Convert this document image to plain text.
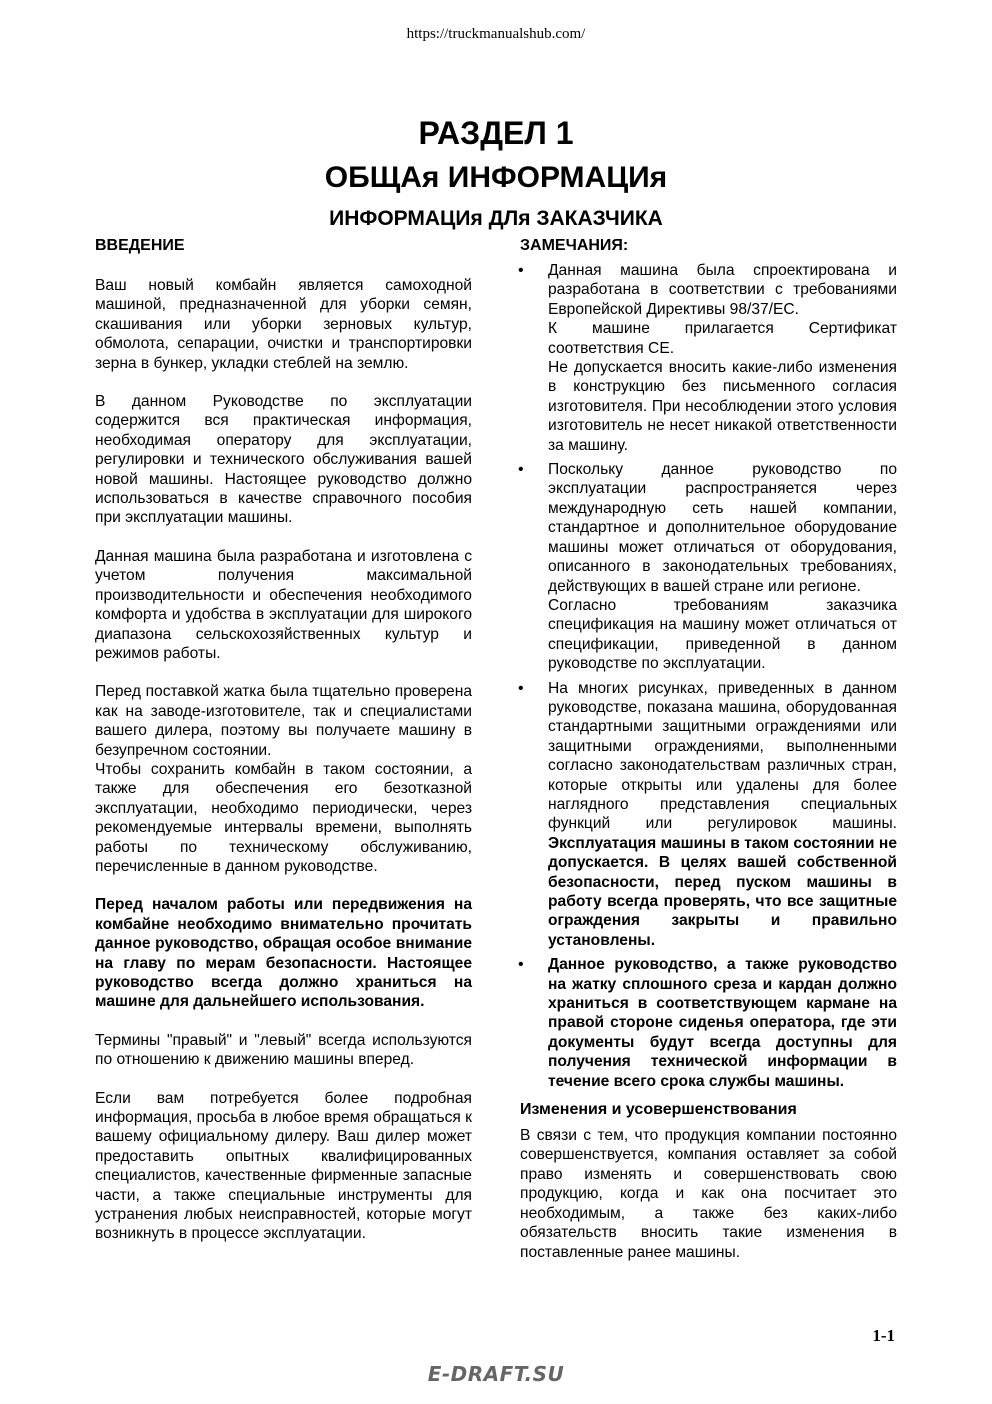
https://truckmanualshub.com/
РАЗДЕЛ 1
ОБЩАя ИНФОРМАЦИя
ИНФОРМАЦИя ДЛя ЗАКАЗЧИКА
ВВЕДЕНИЕ

Ваш новый комбайн является самоходной машиной, предназначенной для уборки семян, скашивания или уборки зерновых культур, обмолота, сепарации, очистки и транспортировки зерна в бункер, укладки стеблей на землю.

В данном Руководстве по эксплуатации содержится вся практическая информация, необходимая оператору для эксплуатации, регулировки и технического обслуживания вашей новой машины. Настоящее руководство должно использоваться в качестве справочного пособия при эксплуатации машины.

Данная машина была разработана и изготовлена с учетом получения максимальной производительности и обеспечения необходимого комфорта и удобства в эксплуатации для широкого диапазона сельскохозяйственных культур и режимов работы.

Перед поставкой жатка была тщательно проверена как на заводе-изготовителе, так и специалистами вашего дилера, поэтому вы получаете машину в безупречном состоянии.

Чтобы сохранить комбайн в таком состоянии, а также для обеспечения его безотказной эксплуатации, необходимо периодически, через рекомендуемые интервалы времени, выполнять работы по техническому обслуживанию, перечисленные в данном руководстве.

Перед началом работы или передвижения на комбайне необходимо внимательно прочитать данное руководство, обращая особое внимание на главу по мерам безопасности. Настоящее руководство всегда должно храниться на машине для дальнейшего использования.

Термины "правый" и "левый" всегда используются по отношению к движению машины вперед.

Если вам потребуется более подробная информация, просьба в любое время обращаться к вашему официальному дилеру. Ваш дилер может предоставить опытных квалифицированных специалистов, качественные фирменные запасные части, а также специальные инструменты для устранения любых неисправностей, которые могут возникнуть в процессе эксплуатации.

ЗАМЕЧАНИЯ:
• Данная машина была спроектирована и разработана в соответствии с требованиями Европейской Директивы 98/37/EC.

К машине прилагается Сертификат соответствия CE.

Не допускается вносить какие-либо изменения в конструкцию без письменного согласия изготовителя. При несоблюдении этого условия изготовитель не несет никакой ответственности за машину.

• Поскольку данное руководство по эксплуатации распространяется через международную сеть нашей компании, стандартное и дополнительное оборудование машины может отличаться от оборудования, описанного в законодательных требованиях, действующих в вашей стране или регионе.

Согласно требованиям заказчика спецификация на машину может отличаться от спецификации, приведенной в данном руководстве по эксплуатации.

• На многих рисунках, приведенных в данном руководстве, показана машина, оборудованная стандартными защитными ограждениями или защитными ограждениями, выполненными согласно законодательствам различных стран, которые открыты или удалены для более наглядного представления специальных функций или регулировок машины. Эксплуатация машины в таком состоянии не допускается. В целях вашей собственной безопасности, перед пуском машины в работу всегда проверять, что все защитные ограждения закрыты и правильно установлены.

• Данное руководство, а также руководство на жатку сплошного среза и кардан должно храниться в соответствующем кармане на правой стороне сиденья оператора, где эти документы будут всегда доступны для получения технической информации в течение всего срока службы машины.

Изменения и усовершенствования

В связи с тем, что продукция компании постоянно совершенствуется, компания оставляет за собой право изменять и совершенствовать свою продукцию, когда и как она посчитает это необходимым, а также без каких-либо обязательств вносить такие изменения в поставленные ранее машины.

1-1
E-DRAFT.SU
